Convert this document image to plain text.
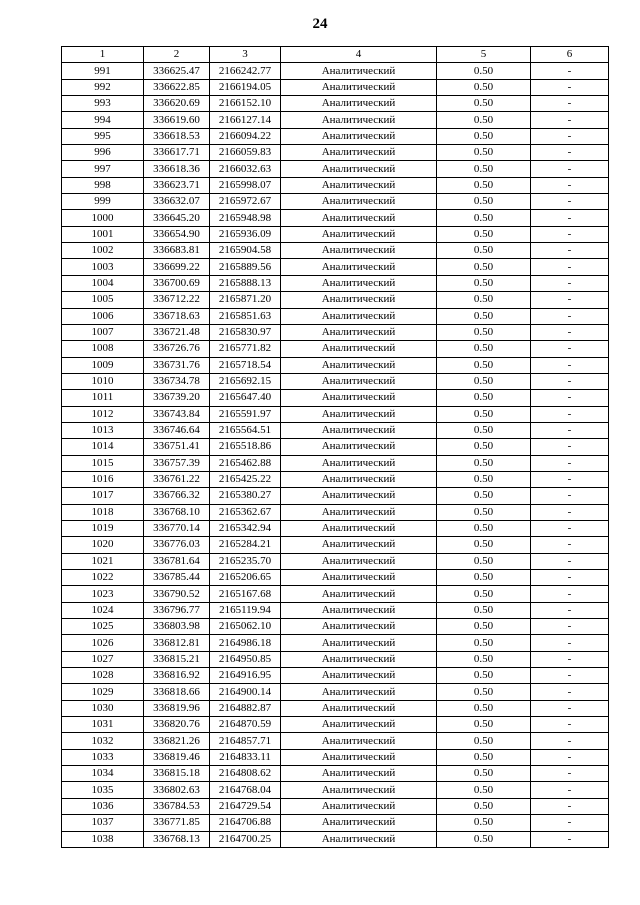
24
1	2	3	4	5	6
991	336625.47	2166242.77	Аналитический	0.50	-
992	336622.85	2166194.05	Аналитический	0.50	-
993	336620.69	2166152.10	Аналитический	0.50	-
994	336619.60	2166127.14	Аналитический	0.50	-
995	336618.53	2166094.22	Аналитический	0.50	-
996	336617.71	2166059.83	Аналитический	0.50	-
997	336618.36	2166032.63	Аналитический	0.50	-
998	336623.71	2165998.07	Аналитический	0.50	-
999	336632.07	2165972.67	Аналитический	0.50	-
1000	336645.20	2165948.98	Аналитический	0.50	-
1001	336654.90	2165936.09	Аналитический	0.50	-
1002	336683.81	2165904.58	Аналитический	0.50	-
1003	336699.22	2165889.56	Аналитический	0.50	-
1004	336700.69	2165888.13	Аналитический	0.50	-
1005	336712.22	2165871.20	Аналитический	0.50	-
1006	336718.63	2165851.63	Аналитический	0.50	-
1007	336721.48	2165830.97	Аналитический	0.50	-
1008	336726.76	2165771.82	Аналитический	0.50	-
1009	336731.76	2165718.54	Аналитический	0.50	-
1010	336734.78	2165692.15	Аналитический	0.50	-
1011	336739.20	2165647.40	Аналитический	0.50	-
1012	336743.84	2165591.97	Аналитический	0.50	-
1013	336746.64	2165564.51	Аналитический	0.50	-
1014	336751.41	2165518.86	Аналитический	0.50	-
1015	336757.39	2165462.88	Аналитический	0.50	-
1016	336761.22	2165425.22	Аналитический	0.50	-
1017	336766.32	2165380.27	Аналитический	0.50	-
1018	336768.10	2165362.67	Аналитический	0.50	-
1019	336770.14	2165342.94	Аналитический	0.50	-
1020	336776.03	2165284.21	Аналитический	0.50	-
1021	336781.64	2165235.70	Аналитический	0.50	-
1022	336785.44	2165206.65	Аналитический	0.50	-
1023	336790.52	2165167.68	Аналитический	0.50	-
1024	336796.77	2165119.94	Аналитический	0.50	-
1025	336803.98	2165062.10	Аналитический	0.50	-
1026	336812.81	2164986.18	Аналитический	0.50	-
1027	336815.21	2164950.85	Аналитический	0.50	-
1028	336816.92	2164916.95	Аналитический	0.50	-
1029	336818.66	2164900.14	Аналитический	0.50	-
1030	336819.96	2164882.87	Аналитический	0.50	-
1031	336820.76	2164870.59	Аналитический	0.50	-
1032	336821.26	2164857.71	Аналитический	0.50	-
1033	336819.46	2164833.11	Аналитический	0.50	-
1034	336815.18	2164808.62	Аналитический	0.50	-
1035	336802.63	2164768.04	Аналитический	0.50	-
1036	336784.53	2164729.54	Аналитический	0.50	-
1037	336771.85	2164706.88	Аналитический	0.50	-
1038	336768.13	2164700.25	Аналитический	0.50	-
